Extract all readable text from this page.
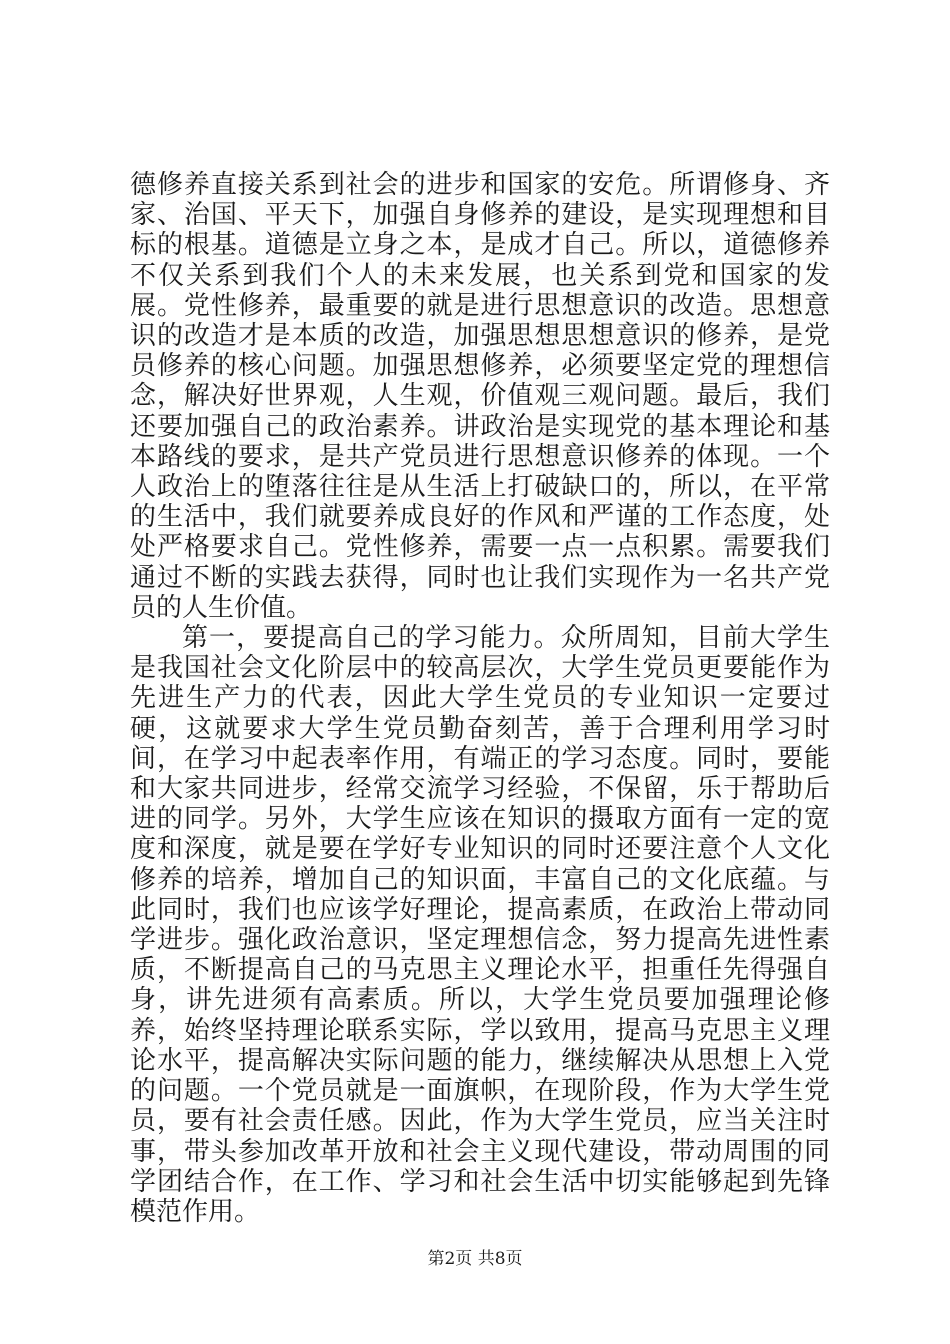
德修养直接关系到社会的进步和国家的安危。所谓修身、齐家、治国、平天下，加强自身修养的建设，是实现理想和目标的根基。道德是立身之本，是成才自己。所以，道德修养不仅关系到我们个人的未来发展，也关系到党和国家的发展。党性修养，最重要的就是进行思想意识的改造。思想意识的改造才是本质的改造，加强思想思想意识的修养，是党员修养的核心问题。加强思想修养，必须要坚定党的理想信念，解决好世界观，人生观，价值观三观问题。最后，我们还要加强自己的政治素养。讲政治是实现党的基本理论和基本路线的要求，是共产党员进行思想意识修养的体现。一个人政治上的堕落往往是从生活上打破缺口的，所以，在平常的生活中，我们就要养成良好的作风和严谨的工作态度，处处严格要求自己。党性修养，需要一点一点积累。需要我们通过不断的实践去获得，同时也让我们实现作为一名共产党员的人生价值。

第一，要提高自己的学习能力。众所周知，目前大学生是我国社会文化阶层中的较高层次，大学生党员更要能作为先进生产力的代表，因此大学生党员的专业知识一定要过硬，这就要求大学生党员勤奋刻苦，善于合理利用学习时间，在学习中起表率作用，有端正的学习态度。同时，要能和大家共同进步，经常交流学习经验，不保留，乐于帮助后进的同学。另外，大学生应该在知识的摄取方面有一定的宽度和深度，就是要在学好专业知识的同时还要注意个人文化修养的培养，增加自己的知识面，丰富自己的文化底蕴。与此同时，我们也应该学好理论，提高素质，在政治上带动同学进步。强化政治意识，坚定理想信念，努力提高先进性素质，不断提高自己的马克思主义理论水平，担重任先得强自身，讲先进须有高素质。所以，大学生党员要加强理论修养，始终坚持理论联系实际，学以致用，提高马克思主义理论水平，提高解决实际问题的能力，继续解决从思想上入党的问题。一个党员就是一面旗帜，在现阶段，作为大学生党员，要有社会责任感。因此，作为大学生党员，应当关注时事，带头参加改革开放和社会主义现代建设，带动周围的同学团结合作，在工作、学习和社会生活中切实能够起到先锋模范作用。

第2页 共8页
